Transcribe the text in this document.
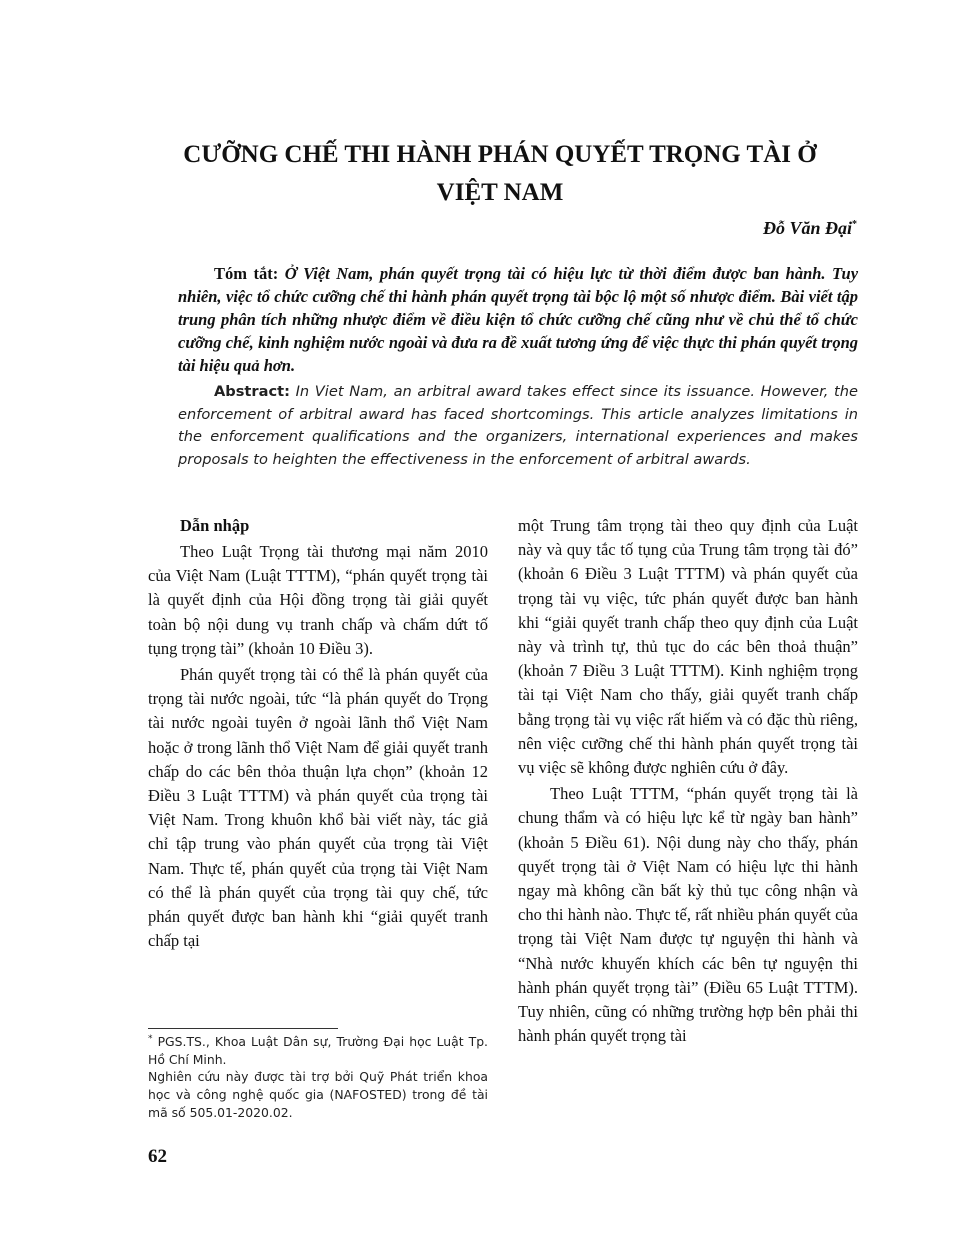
CƯỠNG CHẾ THI HÀNH PHÁN QUYẾT TRỌNG TÀI Ở VIỆT NAM
Đỗ Văn Đại*

Tóm tắt: Ở Việt Nam, phán quyết trọng tài có hiệu lực từ thời điểm được ban hành. Tuy nhiên, việc tổ chức cưỡng chế thi hành phán quyết trọng tài bộc lộ một số nhược điểm. Bài viết tập trung phân tích những nhược điểm về điều kiện tổ chức cưỡng chế cũng như về chủ thể tổ chức cưỡng chế, kinh nghiệm nước ngoài và đưa ra đề xuất tương ứng để việc thực thi phán quyết trọng tài hiệu quả hơn.

Abstract: In Viet Nam, an arbitral award takes effect since its issuance. However, the enforcement of arbitral award has faced shortcomings. This article analyzes limitations in the enforcement qualifications and the organizers, international experiences and makes proposals to heighten the effectiveness in the enforcement of arbitral awards.

Dẫn nhập

Theo Luật Trọng tài thương mại năm 2010 của Việt Nam (Luật TTTM), “phán quyết trọng tài là quyết định của Hội đồng trọng tài giải quyết toàn bộ nội dung vụ tranh chấp và chấm dứt tố tụng trọng tài” (khoản 10 Điều 3).

Phán quyết trọng tài có thể là phán quyết của trọng tài nước ngoài, tức “là phán quyết do Trọng tài nước ngoài tuyên ở ngoài lãnh thổ Việt Nam hoặc ở trong lãnh thổ Việt Nam để giải quyết tranh chấp do các bên thỏa thuận lựa chọn” (khoản 12 Điều 3 Luật TTTM) và phán quyết của trọng tài Việt Nam. Trong khuôn khổ bài viết này, tác giả chỉ tập trung vào phán quyết của trọng tài Việt Nam. Thực tế, phán quyết của trọng tài Việt Nam có thể là phán quyết của trọng tài quy chế, tức phán quyết được ban hành khi “giải quyết tranh chấp tại

một Trung tâm trọng tài theo quy định của Luật này và quy tắc tố tụng của Trung tâm trọng tài đó” (khoản 6 Điều 3 Luật TTTM) và phán quyết của trọng tài vụ việc, tức phán quyết được ban hành khi “giải quyết tranh chấp theo quy định của Luật này và trình tự, thủ tục do các bên thoả thuận” (khoản 7 Điều 3 Luật TTTM). Kinh nghiệm trọng tài tại Việt Nam cho thấy, giải quyết tranh chấp bằng trọng tài vụ việc rất hiếm và có đặc thù riêng, nên việc cưỡng chế thi hành phán quyết trọng tài vụ việc sẽ không được nghiên cứu ở đây.

Theo Luật TTTM, “phán quyết trọng tài là chung thẩm và có hiệu lực kể từ ngày ban hành” (khoản 5 Điều 61). Nội dung này cho thấy, phán quyết trọng tài ở Việt Nam có hiệu lực thi hành ngay mà không cần bất kỳ thủ tục công nhận và cho thi hành nào. Thực tế, rất nhiều phán quyết của trọng tài Việt Nam được tự nguyện thi hành và “Nhà nước khuyến khích các bên tự nguyện thi hành phán quyết trọng tài” (Điều 65 Luật TTTM). Tuy nhiên, cũng có những trường hợp bên phải thi hành phán quyết trọng tài

* PGS.TS., Khoa Luật Dân sự, Trường Đại học Luật Tp. Hồ Chí Minh.

Nghiên cứu này được tài trợ bởi Quỹ Phát triển khoa học và công nghệ quốc gia (NAFOSTED) trong đề tài mã số 505.01-2020.02.

62
